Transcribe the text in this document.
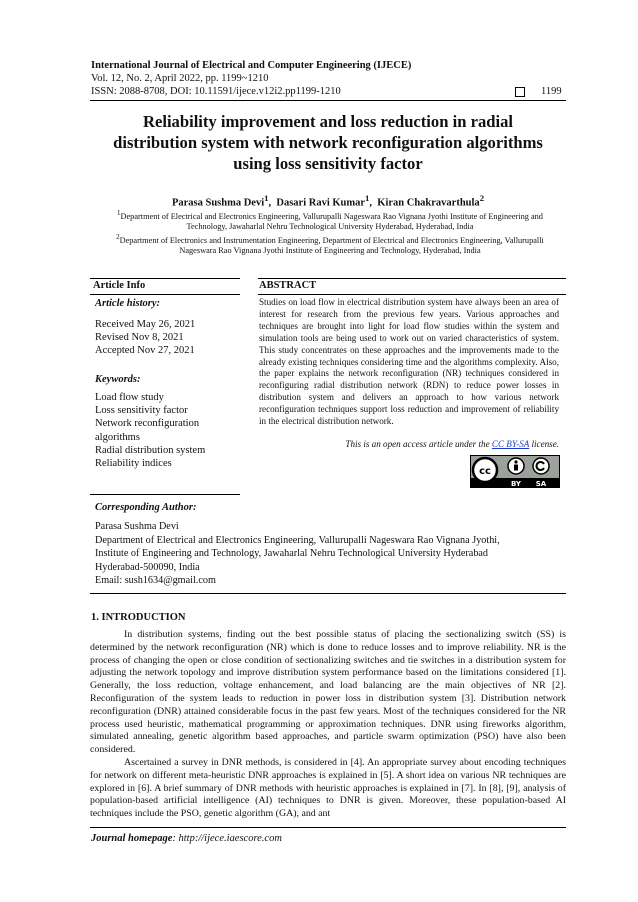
International Journal of Electrical and Computer Engineering (IJECE)
Vol. 12, No. 2, April 2022, pp. 1199~1210
ISSN: 2088-8708, DOI: 10.11591/ijece.v12i2.pp1199-1210	1199
Reliability improvement and loss reduction in radial
distribution system with network reconfiguration algorithms
using loss sensitivity factor
Parasa Sushma Devi$^1$,  Dasari Ravi Kumar$^1$,  Kiran Chakravarthula$^2$
$^1$Department of Electrical and Electronics Engineering, Vallurupalli Nageswara Rao Vignana Jyothi Institute of Engineering and Technology, Jawaharlal Nehru Technological University Hyderabad, Hyderabad, India
$^2$Department of Electronics and Instrumentation Engineering, Department of Electrical and Electronics Engineering, Vallurupalli Nageswara Rao Vignana Jyothi Institute of Engineering and Technology, Hyderabad, India
Article Info	ABSTRACT
Article history:
Received May 26, 2021
Revised Nov 8, 2021
Accepted Nov 27, 2021
Keywords:
Load flow study
Loss sensitivity factor
Network reconfiguration
algorithms
Radial distribution system
Reliability indices
Studies on load flow in electrical distribution system have always been an area of interest for research from the previous few years. Various approaches and techniques are brought into light for load flow studies within the system and simulation tools are being used to work out on varied characteristics of system. This study concentrates on these approaches and the improvements made to the already existing techniques considering time and the algorithms complexity. Also, the paper explains the network reconfiguration (NR) techniques considered in reconfiguring radial distribution network (RDN) to reduce power losses in distribution system and delivers an approach to how various network reconfiguration techniques support loss reduction and improvement of reliability in the electrical distribution network.
This is an open access article under the CC BY-SA license.
cc
BY SA
Corresponding Author:
Parasa Sushma Devi
Department of Electrical and Electronics Engineering, Vallurupalli Nageswara Rao Vignana Jyothi,
Institute of Engineering and Technology, Jawaharlal Nehru Technological University Hyderabad
Hyderabad-500090, India
Email: sush1634@gmail.com
1. INTRODUCTION

In distribution systems, finding out the best possible status of placing the sectionalizing switch (SS) is determined by the network reconfiguration (NR) which is done to reduce losses and to improve reliability. NR is the process of changing the open or close condition of sectionalizing switches and tie switches in a distribution system for adjusting the network topology and improve distribution system performance based on the limitations considered [1]. Generally, the loss reduction, voltage enhancement, and load balancing are the main objectives of NR [2]. Reconfiguration of the system leads to reduction in power loss in distribution system [3]. Distribution network reconfiguration (DNR) attained considerable focus in the past few years. Most of the techniques considered for the NR process used heuristic, mathematical programming or approximation techniques. DNR using fireworks algorithm, simulated annealing, genetic algorithm based approaches, and particle swarm optimization (PSO) have also been considered.

Ascertained a survey in DNR methods, is considered in [4]. An appropriate survey about encoding techniques for network on different meta-heuristic DNR approaches is explained in [5]. A short idea on various NR techniques are explored in [6]. A brief summary of DNR methods with heuristic approaches is explained in [7]. In [8], [9], analysis of population-based artificial intelligence (AI) techniques to DNR is given. Moreover, these population-based AI techniques include the PSO, genetic algorithm (GA), and ant

Journal homepage: http://ijece.iaescore.com
